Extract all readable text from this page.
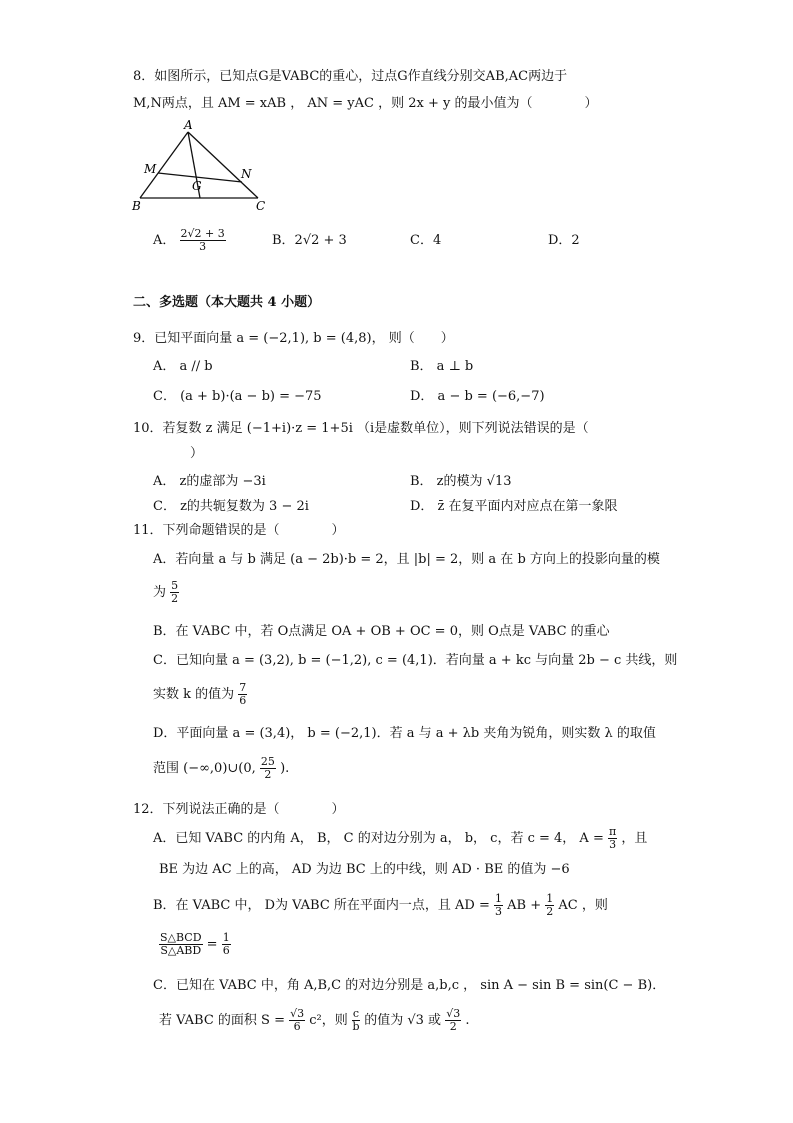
8．如图所示，已知点G是VABC的重心，过点G作直线分别交AB,AC两边于
M,N两点，且 AM = xAB ， AN = yAC ，则 2x + y 的最小值为（　　　　）
A
M	N
G
B	C
A． $\frac{2√2 + 3}{3}$	B．2√2 + 3	C．4	D．2
二、多选题（本大题共 4 小题）
9．已知平面向量 a = (−2,1), b = (4,8)， 则（　　）
A． a // b	B． a ⊥ b
C． (a + b)·(a − b) = −75	D． a − b = (−6,−7)
10．若复数 z 满足 (−1+i)·z = 1+5i （i是虚数单位），则下列说法错误的是（
）
A． z的虚部为 −3i	B． z的模为 √13
C． z的共轭复数为 3 − 2i	D． z̄ 在复平面内对应点在第一象限
11．下列命题错误的是（　　　　）
A．若向量 a 与 b 满足 (a − 2b)·b = 2，且 |b| = 2，则 a 在 b 方向上的投影向量的模
为 $\frac{5}{2}$
B．在 VABC 中，若 O点满足 OA + OB + OC = 0，则 O点是 VABC 的重心
C．已知向量 a = (3,2), b = (−1,2), c = (4,1)．若向量 a + kc 与向量 2b − c 共线，则
实数 k 的值为 $\frac{7}{6}$
D．平面向量 a = (3,4)， b = (−2,1)．若 a 与 a + λb 夹角为锐角，则实数 λ 的取值
范围 (−∞,0)∪(0, $\frac{25}{2}$ ).
12．下列说法正确的是（　　　　）
A．已知 VABC 的内角 A， B， C 的对边分别为 a， b， c，若 c = 4， $A = \frac{\pi}{3}$ ，且
BE 为边 AC 上的高， AD 为边 BC 上的中线，则 AD · BE 的值为 −6
B．在 VABC 中， D为 VABC 所在平面内一点，且 AD = $\frac{1}{3}$ AB + $\frac{1}{2}$ AC ，则
$\frac{\text{S△BCD}}{\text{S△ABD}} = \frac{1}{6}$
C．已知在 VABC 中，角 A,B,C 的对边分别是 a,b,c ， sin A − sin B = sin(C − B)．
若 VABC 的面积 $S = \frac{√3}{6} c^2$，则 $\frac{c}{b}$ 的值为 √3 或 $\frac{√3}{2}$ .
